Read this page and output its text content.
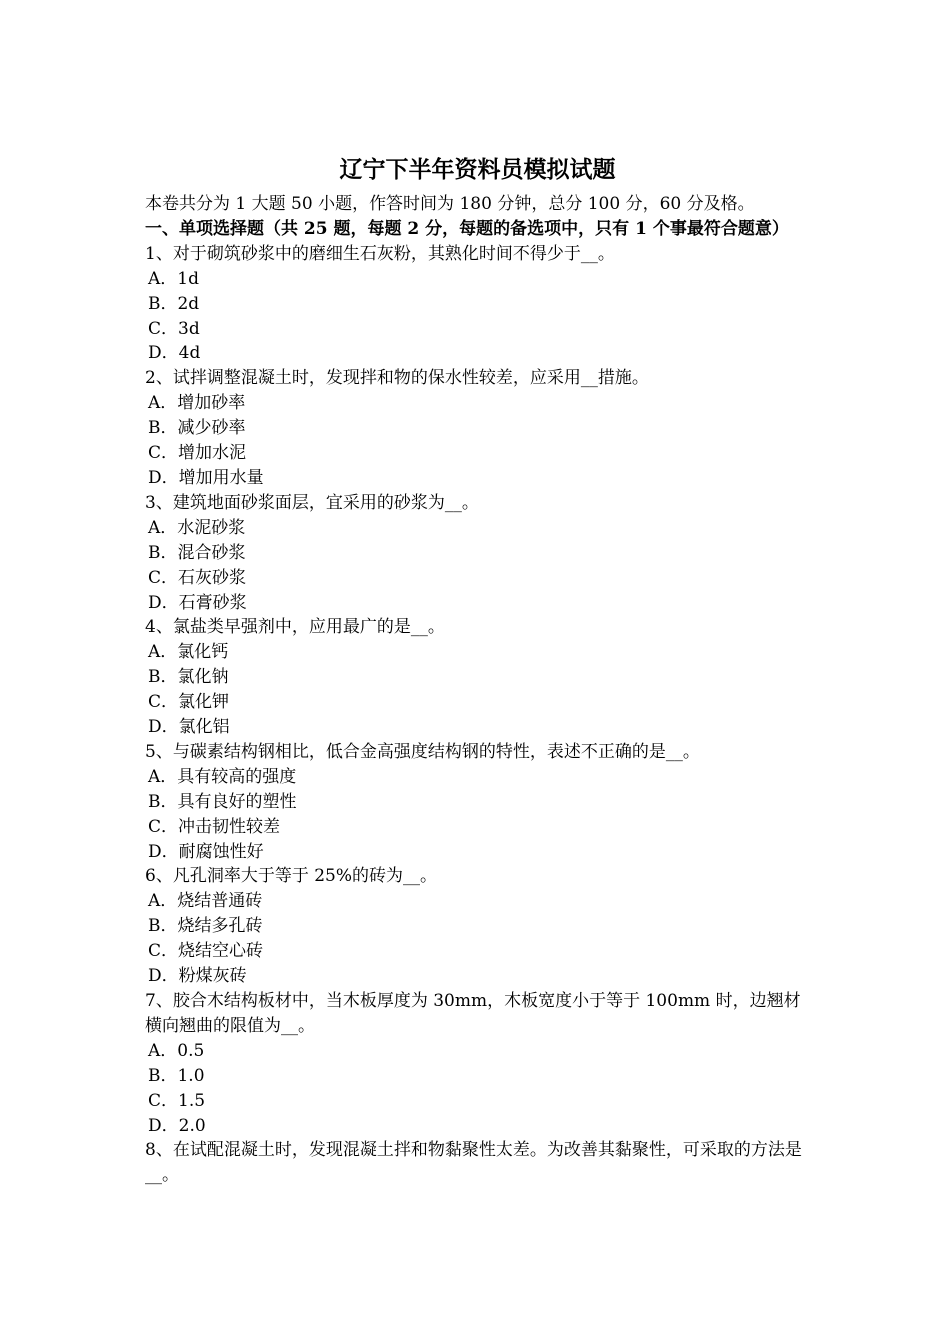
辽宁下半年资料员模拟试题
本卷共分为 1 大题 50 小题，作答时间为 180 分钟，总分 100 分，60 分及格。
一、单项选择题（共 25 题，每题 2 分，每题的备选项中，只有 1 个事最符合题意）
1、对于砌筑砂浆中的磨细生石灰粉，其熟化时间不得少于__。
A．1d
B．2d
C．3d
D．4d
2、试拌调整混凝土时，发现拌和物的保水性较差，应采用__措施。
A．增加砂率
B．减少砂率
C．增加水泥
D．增加用水量
3、建筑地面砂浆面层，宜采用的砂浆为__。
A．水泥砂浆
B．混合砂浆
C．石灰砂浆
D．石膏砂浆
4、氯盐类早强剂中，应用最广的是__。
A．氯化钙
B．氯化钠
C．氯化钾
D．氯化铝
5、与碳素结构钢相比，低合金高强度结构钢的特性，表述不正确的是__。
A．具有较高的强度
B．具有良好的塑性
C．冲击韧性较差
D．耐腐蚀性好
6、凡孔洞率大于等于 25%的砖为__。
A．烧结普通砖
B．烧结多孔砖
C．烧结空心砖
D．粉煤灰砖
7、胶合木结构板材中，当木板厚度为 30mm，木板宽度小于等于 100mm 时，边翘材横向翘曲的限值为__。
A．0.5
B．1.0
C．1.5
D．2.0
8、在试配混凝土时，发现混凝土拌和物黏聚性太差。为改善其黏聚性，可采取的方法是__。
